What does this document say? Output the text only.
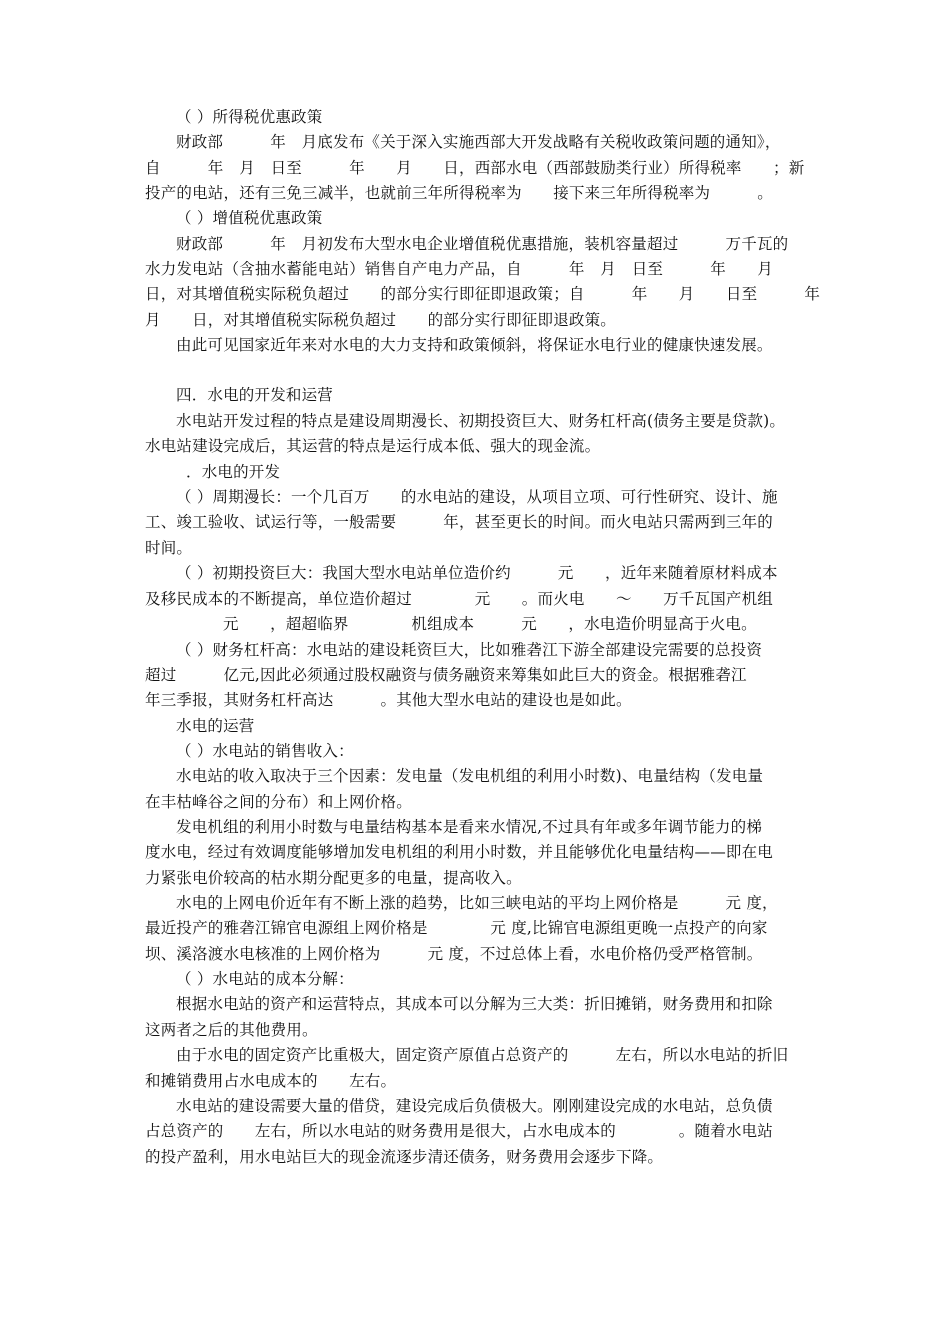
（ ）所得税优惠政策
财政部　　　年　月底发布《关于深入实施西部大开发战略有关税收政策问题的通知》，
自　　　年　月　日至　　　年　　月　　日，西部水电（西部鼓励类行业）所得税率　　；新
投产的电站，还有三免三减半，也就前三年所得税率为　　接下来三年所得税率为　　　。
（ ）增值税优惠政策
财政部　　　年　月初发布大型水电企业增值税优惠措施，装机容量超过　　　万千瓦的
水力发电站（含抽水蓄能电站）销售自产电力产品，自　　　年　月　日至　　　年　　月
日，对其增值税实际税负超过　　的部分实行即征即退政策；自　　　年　　月　　日至　　　年
月　　日，对其增值税实际税负超过　　的部分实行即征即退政策。
由此可见国家近年来对水电的大力支持和政策倾斜，将保证水电行业的健康快速发展。
四．水电的开发和运营
水电站开发过程的特点是建设周期漫长、初期投资巨大、财务杠杆高(债务主要是贷款)。
水电站建设完成后，其运营的特点是运行成本低、强大的现金流。
．水电的开发
（ ）周期漫长：一个几百万　　的水电站的建设，从项目立项、可行性研究、设计、施
工、竣工验收、试运行等，一般需要　　　年，甚至更长的时间。而火电站只需两到三年的
时间。
（ ）初期投资巨大：我国大型水电站单位造价约　　　元　　，近年来随着原材料成本
及移民成本的不断提高，单位造价超过　　　　元　　。而火电　　～　　万千瓦国产机组
元　　，超超临界　　　　机组成本　　　元　　，水电造价明显高于火电。
（ ）财务杠杆高：水电站的建设耗资巨大，比如雅砻江下游全部建设完需要的总投资
超过　　　亿元,因此必须通过股权融资与债务融资来筹集如此巨大的资金。根据雅砻江
年三季报，其财务杠杆高达　　　。其他大型水电站的建设也是如此。
水电的运营
（ ）水电站的销售收入：
水电站的收入取决于三个因素：发电量（发电机组的利用小时数)、电量结构（发电量
在丰枯峰谷之间的分布）和上网价格。
发电机组的利用小时数与电量结构基本是看来水情况,不过具有年或多年调节能力的梯
度水电，经过有效调度能够增加发电机组的利用小时数，并且能够优化电量结构——即在电
力紧张电价较高的枯水期分配更多的电量，提高收入。
水电的上网电价近年有不断上涨的趋势，比如三峡电站的平均上网价格是　　　元 度，
最近投产的雅砻江锦官电源组上网价格是　　　　元 度,比锦官电源组更晚一点投产的向家
坝、溪洛渡水电核准的上网价格为　　　元 度，不过总体上看，水电价格仍受严格管制。
（ ）水电站的成本分解：
根据水电站的资产和运营特点，其成本可以分解为三大类：折旧摊销，财务费用和扣除
这两者之后的其他费用。
由于水电的固定资产比重极大，固定资产原值占总资产的　　　左右，所以水电站的折旧
和摊销费用占水电成本的　　左右。
水电站的建设需要大量的借贷，建设完成后负债极大。刚刚建设完成的水电站，总负债
占总资产的　　左右，所以水电站的财务费用是很大，占水电成本的　　　　。随着水电站
的投产盈利，用水电站巨大的现金流逐步清还债务，财务费用会逐步下降。
